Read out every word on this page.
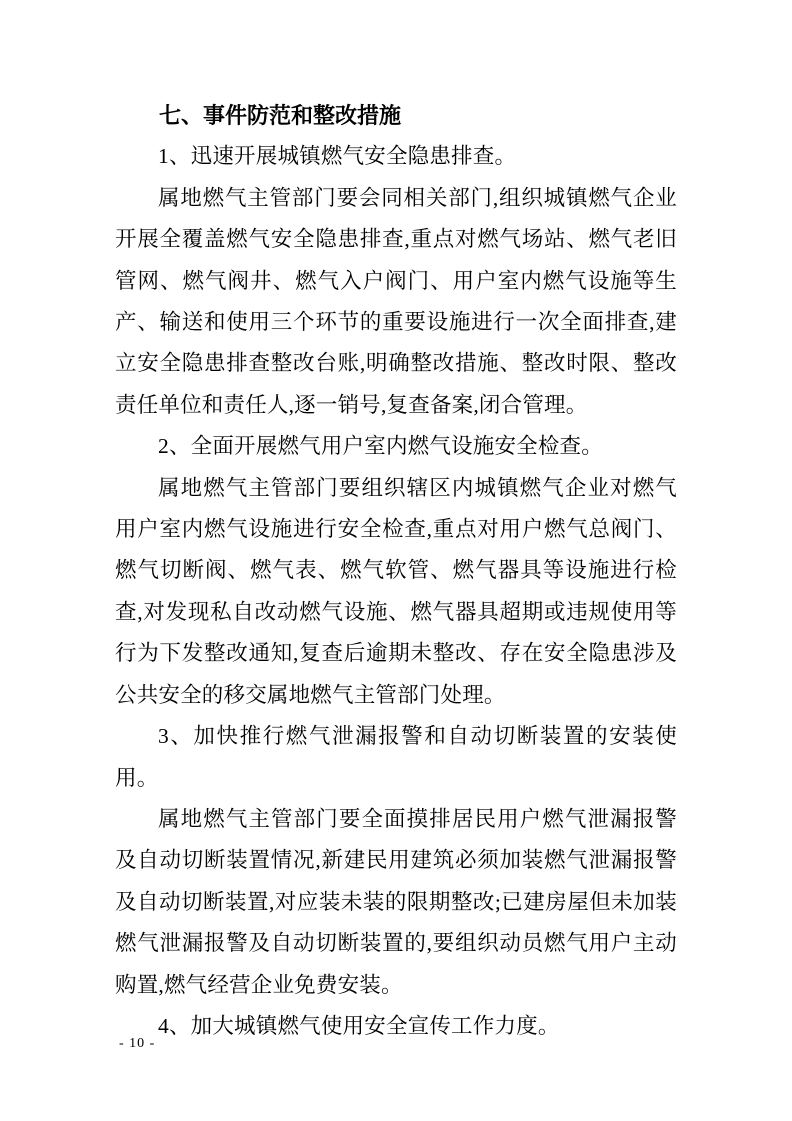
七、事件防范和整改措施

1、迅速开展城镇燃气安全隐患排查。

属地燃气主管部门要会同相关部门,组织城镇燃气企业开展全覆盖燃气安全隐患排查,重点对燃气场站、燃气老旧管网、燃气阀井、燃气入户阀门、用户室内燃气设施等生产、输送和使用三个环节的重要设施进行一次全面排查,建立安全隐患排查整改台账,明确整改措施、整改时限、整改责任单位和责任人,逐一销号,复查备案,闭合管理。

2、全面开展燃气用户室内燃气设施安全检查。

属地燃气主管部门要组织辖区内城镇燃气企业对燃气用户室内燃气设施进行安全检查,重点对用户燃气总阀门、燃气切断阀、燃气表、燃气软管、燃气器具等设施进行检查,对发现私自改动燃气设施、燃气器具超期或违规使用等行为下发整改通知,复查后逾期未整改、存在安全隐患涉及公共安全的移交属地燃气主管部门处理。

3、加快推行燃气泄漏报警和自动切断装置的安装使用。

属地燃气主管部门要全面摸排居民用户燃气泄漏报警及自动切断装置情况,新建民用建筑必须加装燃气泄漏报警及自动切断装置,对应装未装的限期整改;已建房屋但未加装燃气泄漏报警及自动切断装置的,要组织动员燃气用户主动购置,燃气经营企业免费安装。

4、加大城镇燃气使用安全宣传工作力度。

- 10 -
